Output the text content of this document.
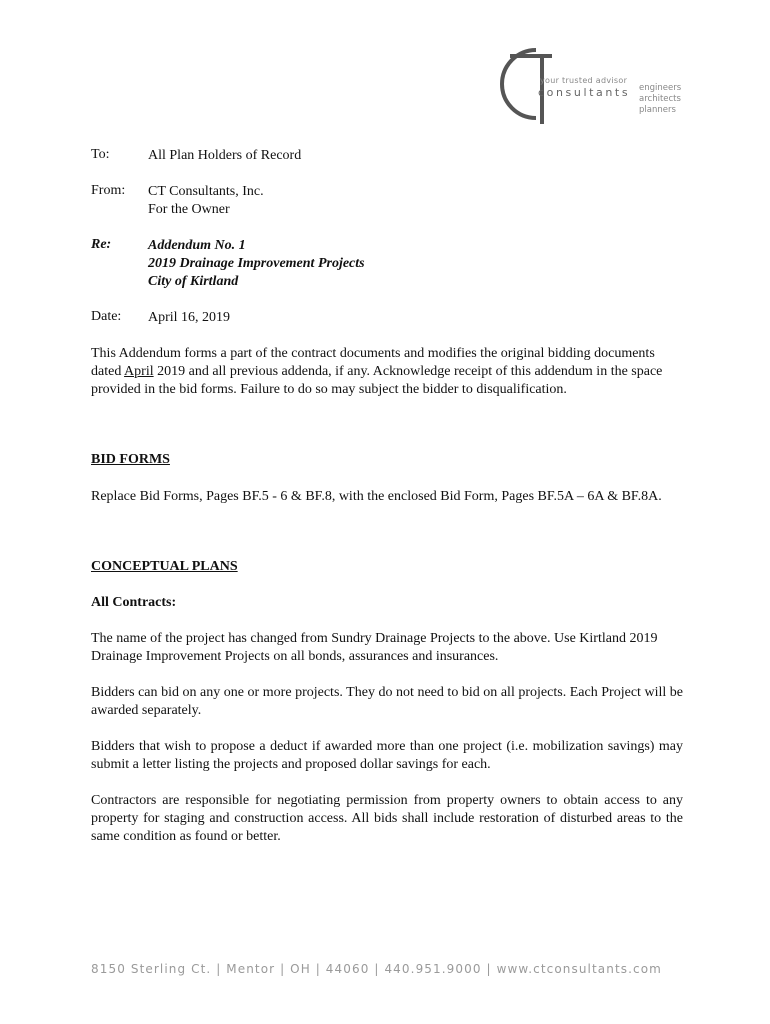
your trusted advisor
consultants engineers
architects
planners
To:	All Plan Holders of Record
From: CT Consultants, Inc.
For the Owner
Re:	Addendum No. 1
2019 Drainage Improvement Projects
City of Kirtland
Date: April 16, 2019
This Addendum forms a part of the contract documents and modifies the original bidding documents dated April 2019 and all previous addenda, if any. Acknowledge receipt of this addendum in the space provided in the bid forms. Failure to do so may subject the bidder to disqualification.
BID FORMS
Replace Bid Forms, Pages BF.5 - 6 & BF.8, with the enclosed Bid Form, Pages BF.5A – 6A & BF.8A.
CONCEPTUAL PLANS
All Contracts:
The name of the project has changed from Sundry Drainage Projects to the above. Use Kirtland 2019 Drainage Improvement Projects on all bonds, assurances and insurances.
Bidders can bid on any one or more projects. They do not need to bid on all projects. Each Project will be awarded separately.
Bidders that wish to propose a deduct if awarded more than one project (i.e. mobilization savings) may submit a letter listing the projects and proposed dollar savings for each.
Contractors are responsible for negotiating permission from property owners to obtain access to any property for staging and construction access. All bids shall include restoration of disturbed areas to the same condition as found or better.
8150 Sterling Ct. | Mentor | OH | 44060 | 440.951.9000 | www.ctconsultants.com
